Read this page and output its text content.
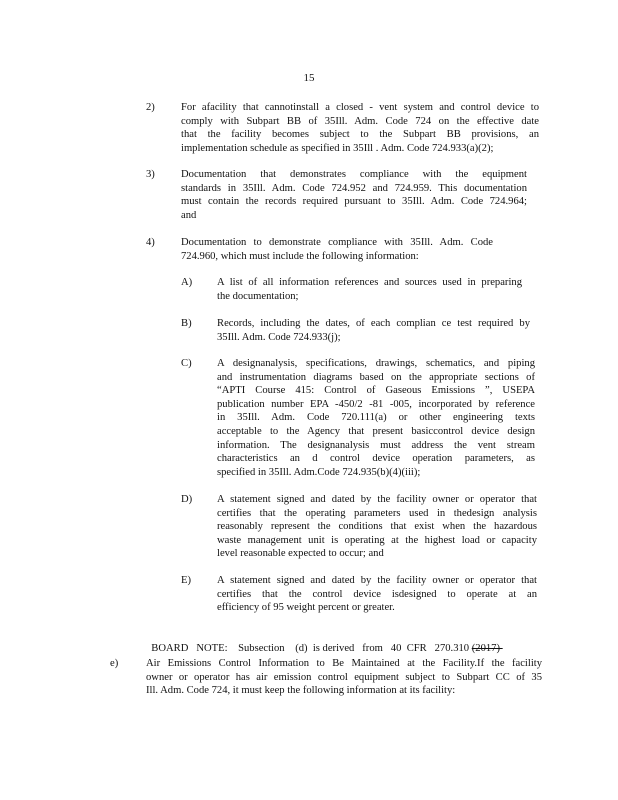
15
2) For afacility that cannotinstall a closed - vent system and control device to
comply with Subpart BB of 35Ill. Adm. Code 724 on the effective date
that the facility becomes subject to the Subpart BB provisions, an
implementation schedule as specified in 35Ill . Adm. Code 724.933(a)(2);
3) Documentation that demonstrates compliance with the equipment
standards in 35Ill. Adm. Code 724.952 and 724.959. This documentation
must contain the records required pursuant to 35Ill. Adm. Code 724.964;
and
4) Documentation to demonstrate compliance with 35Ill. Adm. Code
724.960, which must include the following information:
A) A list of all information references and sources used in preparing
the documentation;
B) Records, including the dates, of each complian ce test required by
35Ill. Adm. Code 724.933(j);
C) A designanalysis, specifications, drawings, schematics, and piping
and instrumentation diagrams based on the appropriate sections of
“APTI Course 415: Control of Gaseous Emissions ”, USEPA
publication number EPA -450/2 -81 -005, incorporated by reference
in 35Ill. Adm. Code 720.111(a) or other engineering texts
acceptable to the Agency that present basiccontrol device design
information. The designanalysis must address the vent stream
characteristics an d control device operation parameters, as
specified in 35Ill. Adm.Code 724.935(b)(4)(iii);
D) A statement signed and dated by the facility owner or operator that
certifies that the operating parameters used in thedesign analysis
reasonably represent the conditions that exist when the hazardous
waste management unit is operating at the highest load or capacity
level reasonable expected to occur; and
E) A statement signed and dated by the facility owner or operator that
certifies that the control device isdesigned to operate at an
efficiency of 95 weight percent or greater.

BOARD   NOTE:    Subsection    (d)  is derived   from   40  CFR   270.310 (2017)

e)	Air Emissions Control Information to Be Maintained at the Facility.If the facility
owner or operator has air emission control equipment subject to Subpart CC of 35
Ill. Adm. Code 724, it must keep the following information at its facility:
